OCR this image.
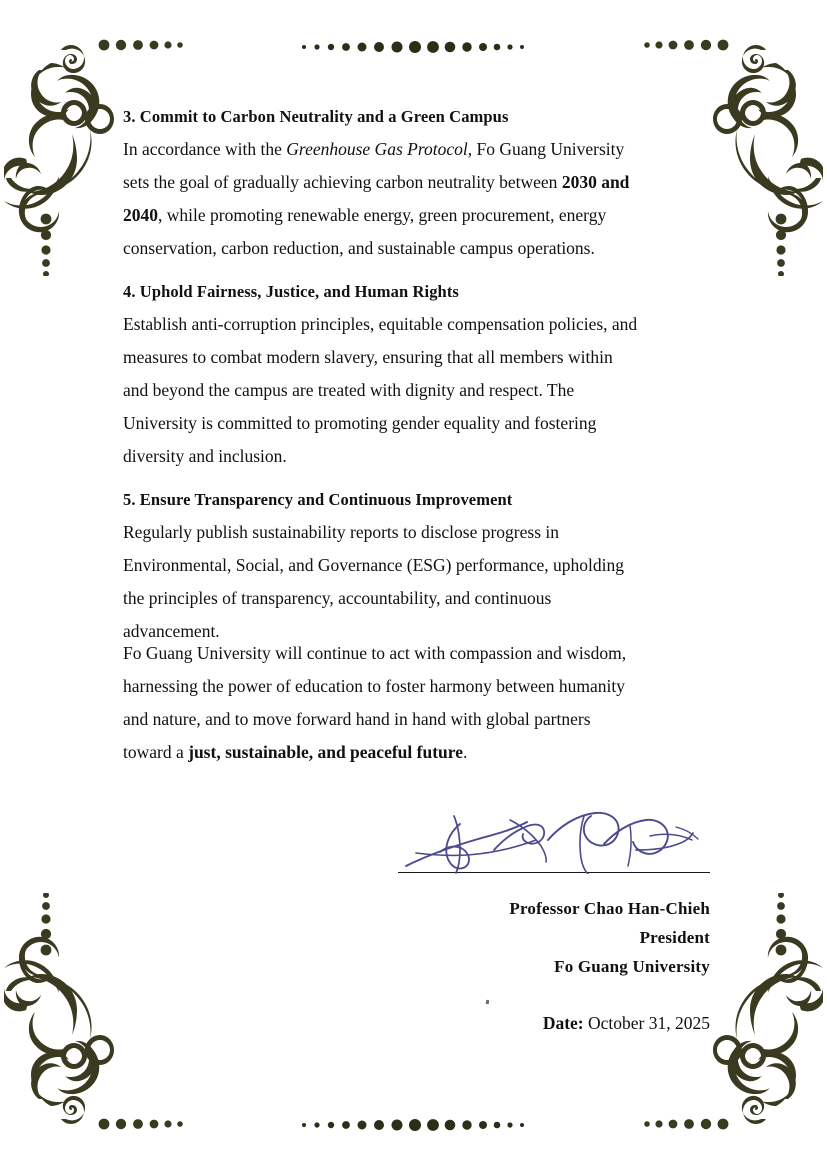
3. Commit to Carbon Neutrality and a Green Campus

In accordance with the Greenhouse Gas Protocol, Fo Guang University
sets the goal of gradually achieving carbon neutrality between 2030 and
2040, while promoting renewable energy, green procurement, energy
conservation, carbon reduction, and sustainable campus operations.

4. Uphold Fairness, Justice, and Human Rights

Establish anti-corruption principles, equitable compensation policies, and
measures to combat modern slavery, ensuring that all members within
and beyond the campus are treated with dignity and respect. The
University is committed to promoting gender equality and fostering
diversity and inclusion.

5. Ensure Transparency and Continuous Improvement

Regularly publish sustainability reports to disclose progress in
Environmental, Social, and Governance (ESG) performance, upholding
the principles of transparency, accountability, and continuous
advancement.

Fo Guang University will continue to act with compassion and wisdom,
harnessing the power of education to foster harmony between humanity
and nature, and to move forward hand in hand with global partners
toward a just, sustainable, and peaceful future.
Professor Chao Han-Chieh
President
Fo Guang University
Date: October 31, 2025
